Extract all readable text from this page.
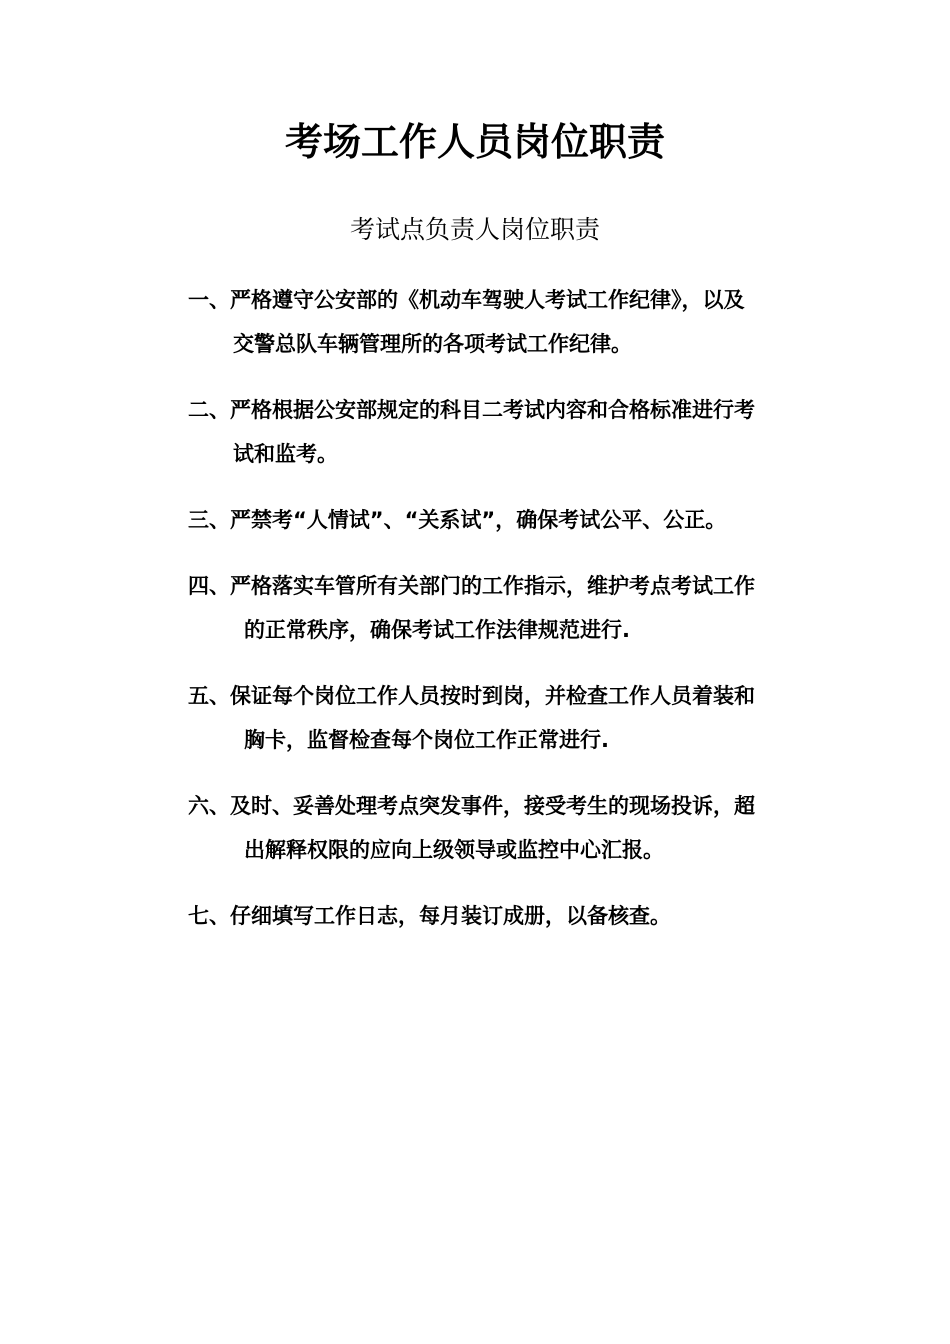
考场工作人员岗位职责
考试点负责人岗位职责
一、严格遵守公安部的《机动车驾驶人考试工作纪律》，以及
交警总队车辆管理所的各项考试工作纪律。
二、严格根据公安部规定的科目二考试内容和合格标准进行考
试和监考。
三、严禁考“人情试”、“关系试”，确保考试公平、公正。
四、严格落实车管所有关部门的工作指示，维护考点考试工作
的正常秩序，确保考试工作法律规范进行.
五、保证每个岗位工作人员按时到岗，并检查工作人员着装和
胸卡，监督检查每个岗位工作正常进行.
六、及时、妥善处理考点突发事件，接受考生的现场投诉，超
出解释权限的应向上级领导或监控中心汇报。
七、仔细填写工作日志，每月装订成册，以备核查。
